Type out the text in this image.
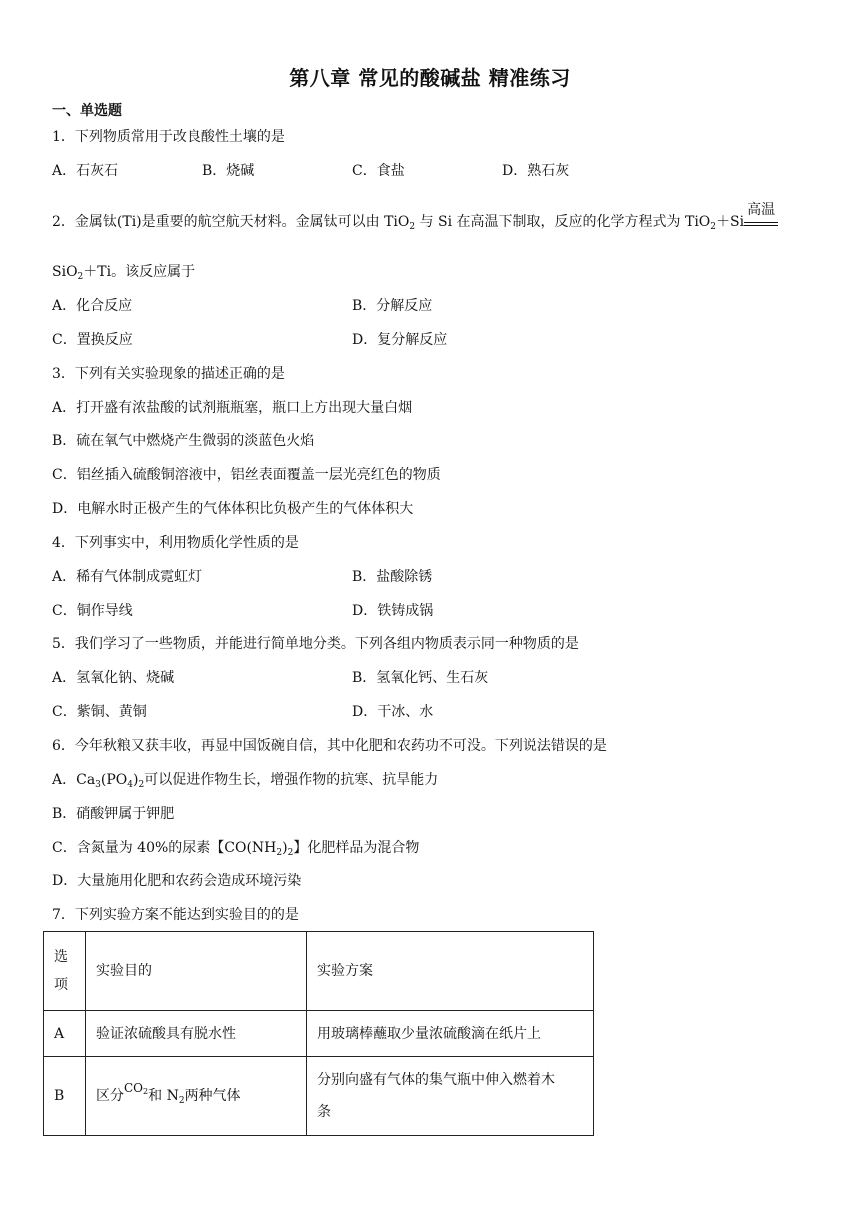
第八章 常见的酸碱盐 精准练习
一、单选题
1．下列物质常用于改良酸性土壤的是
A．石灰石	B．烧碱	C．食盐	D．熟石灰
2．金属钛(Ti)是重要的航空航天材料。金属钛可以由 TiO$_2$ 与 Si 在高温下制取，反应的化学方程式为 TiO$_2$＋Si
高温
SiO$_2$＋Ti。该反应属于
A．化合反应	B．分解反应
C．置换反应	D．复分解反应
3．下列有关实验现象的描述正确的是
A．打开盛有浓盐酸的试剂瓶瓶塞，瓶口上方出现大量白烟
B．硫在氧气中燃烧产生微弱的淡蓝色火焰
C．铝丝插入硫酸铜溶液中，铝丝表面覆盖一层光亮红色的物质
D．电解水时正极产生的气体体积比负极产生的气体体积大
4．下列事实中，利用物质化学性质的是
A．稀有气体制成霓虹灯	B．盐酸除锈
C．铜作导线	D．铁铸成锅
5．我们学习了一些物质，并能进行简单地分类。下列各组内物质表示同一种物质的是
A．氢氧化钠、烧碱	B．氢氧化钙、生石灰
C．紫铜、黄铜	D．干冰、水
6．今年秋粮又获丰收，再显中国饭碗自信，其中化肥和农药功不可没。下列说法错误的是
A．$Ca_3(PO_4)_2$可以促进作物生长，增强作物的抗寒、抗旱能力
B．硝酸钾属于钾肥
C．含氮量为 40%的尿素【$CO(NH_2)_2$】化肥样品为混合物
D．大量施用化肥和农药会造成环境污染
7．下列实验方案不能达到实验目的的是
选
项	实验目的	实验方案
A	验证浓硫酸具有脱水性	用玻璃棒蘸取少量浓硫酸滴在纸片上
B	区分$CO_2$和 $N_2$两种气体	分别向盛有气体的集气瓶中伸入燃着木
条
